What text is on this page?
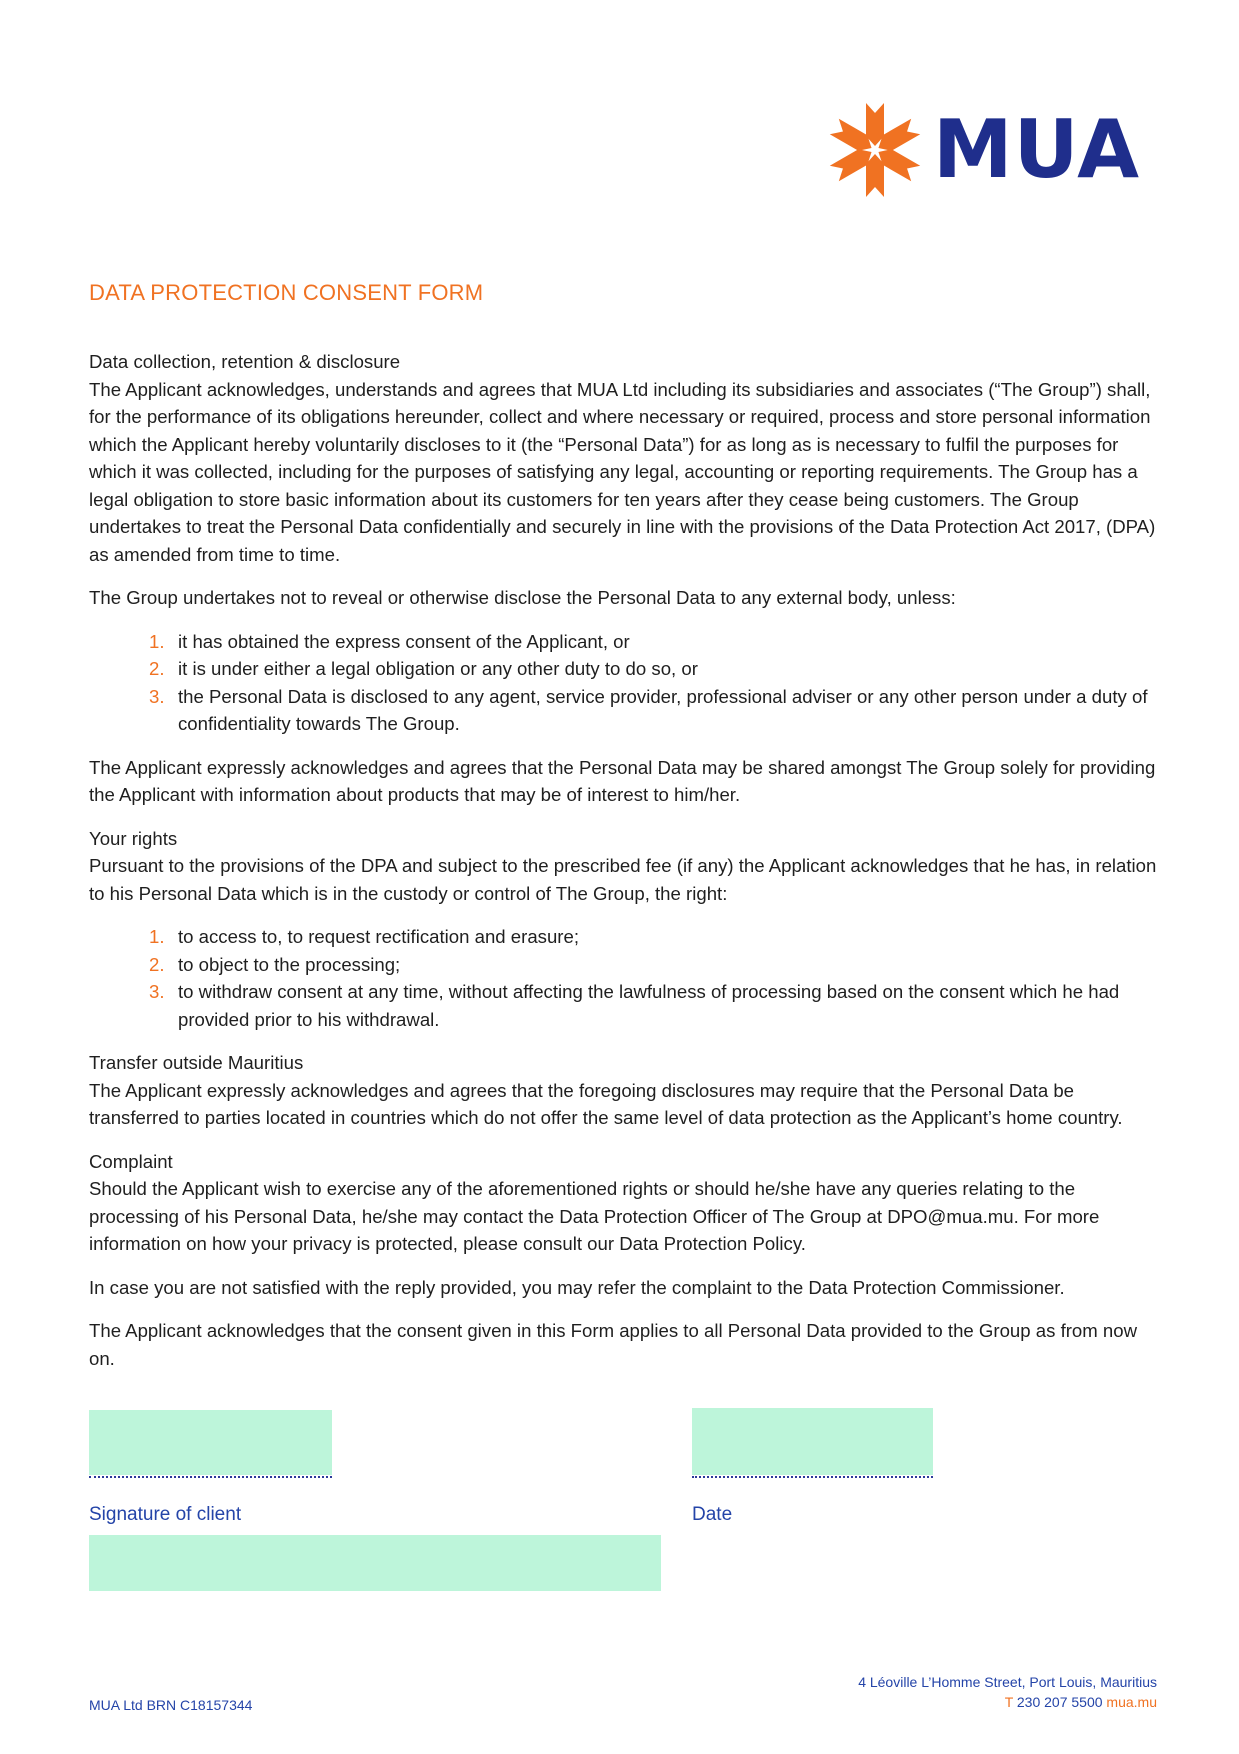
MUA
DATA PROTECTION CONSENT FORM

Data collection, retention & disclosure
The Applicant acknowledges, understands and agrees that MUA Ltd including its subsidiaries and associates (“The Group”) shall, for the performance of its obligations hereunder, collect and where necessary or required, process and store personal information which the Applicant hereby voluntarily discloses to it (the “Personal Data”) for as long as is necessary to fulfil the purposes for which it was collected, including for the purposes of satisfying any legal, accounting or reporting requirements. The Group has a legal obligation to store basic information about its customers for ten years after they cease being customers. The Group undertakes to treat the Personal Data confidentially and securely in line with the provisions of the Data Protection Act 2017, (DPA) as amended from time to time.

The Group undertakes not to reveal or otherwise disclose the Personal Data to any external body, unless:

1. it has obtained the express consent of the Applicant, or
2. it is under either a legal obligation or any other duty to do so, or
3. the Personal Data is disclosed to any agent, service provider, professional adviser or any other person under a duty of confidentiality towards The Group.

The Applicant expressly acknowledges and agrees that the Personal Data may be shared amongst The Group solely for providing the Applicant with information about products that may be of interest to him/her.

Your rights
Pursuant to the provisions of the DPA and subject to the prescribed fee (if any) the Applicant acknowledges that he has, in relation to his Personal Data which is in the custody or control of The Group, the right:

1. to access to, to request rectification and erasure;
2. to object to the processing;
3. to withdraw consent at any time, without affecting the lawfulness of processing based on the consent which he had provided prior to his withdrawal.

Transfer outside Mauritius
The Applicant expressly acknowledges and agrees that the foregoing disclosures may require that the Personal Data be transferred to parties located in countries which do not offer the same level of data protection as the Applicant’s home country.

Complaint
Should the Applicant wish to exercise any of the aforementioned rights or should he/she have any queries relating to the processing of his Personal Data, he/she may contact the Data Protection Officer of The Group at DPO@mua.mu. For more information on how your privacy is protected, please consult our Data Protection Policy.

In case you are not satisfied with the reply provided, you may refer the complaint to the Data Protection Commissioner.

The Applicant acknowledges that the consent given in this Form applies to all Personal Data provided to the Group as from now on.

Signature of client	Date
MUA Ltd BRN C18157344
4 Léoville L’Homme Street, Port Louis, Mauritius
T 230 207 5500 mua.mu
